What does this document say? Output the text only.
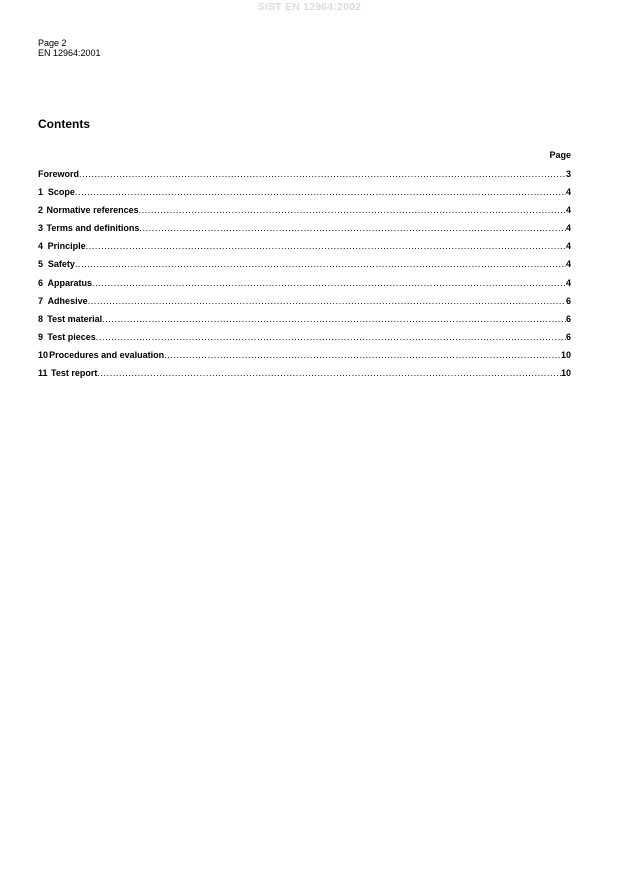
SIST EN 12964:2002
Page 2
EN 12964:2001
Contents
Page
Foreword .....	3
1 Scope .....	4
2 Normative references .....	4
3 Terms and definitions .....	4
4 Principle .....	4
5 Safety .....	4
6 Apparatus .....	4
7 Adhesive .....	6
8 Test material .....	6
9 Test pieces .....	6
10 Procedures and evaluation .....	10
11 Test report .....	10
